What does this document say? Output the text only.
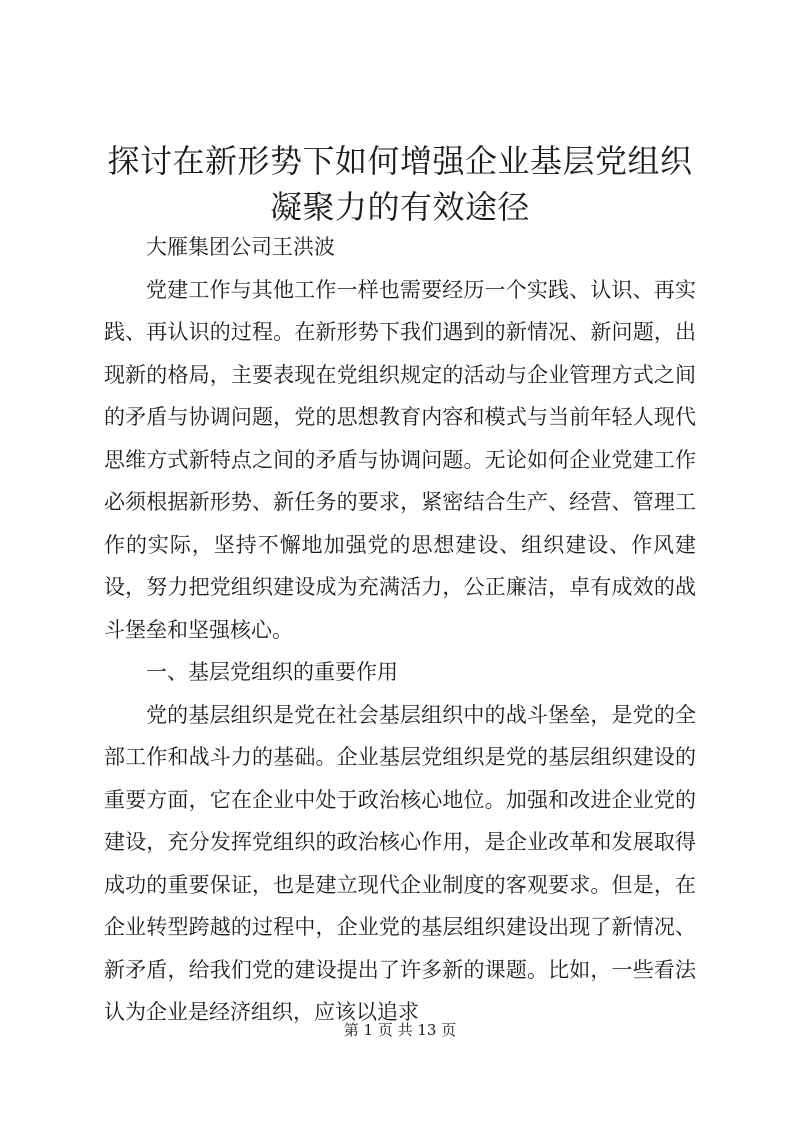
探讨在新形势下如何增强企业基层党组织凝聚力的有效途径

大雁集团公司王洪波

党建工作与其他工作一样也需要经历一个实践、认识、再实践、再认识的过程。在新形势下我们遇到的新情况、新问题，出现新的格局，主要表现在党组织规定的活动与企业管理方式之间的矛盾与协调问题，党的思想教育内容和模式与当前年轻人现代思维方式新特点之间的矛盾与协调问题。无论如何企业党建工作必须根据新形势、新任务的要求，紧密结合生产、经营、管理工作的实际，坚持不懈地加强党的思想建设、组织建设、作风建设，努力把党组织建设成为充满活力，公正廉洁，卓有成效的战斗堡垒和坚强核心。

一、基层党组织的重要作用

党的基层组织是党在社会基层组织中的战斗堡垒，是党的全部工作和战斗力的基础。企业基层党组织是党的基层组织建设的重要方面，它在企业中处于政治核心地位。加强和改进企业党的建设，充分发挥党组织的政治核心作用，是企业改革和发展取得成功的重要保证，也是建立现代企业制度的客观要求。但是，在企业转型跨越的过程中，企业党的基层组织建设出现了新情况、新矛盾，给我们党的建设提出了许多新的课题。比如，一些看法认为企业是经济组织，应该以追求

第 1 页 共 13 页
